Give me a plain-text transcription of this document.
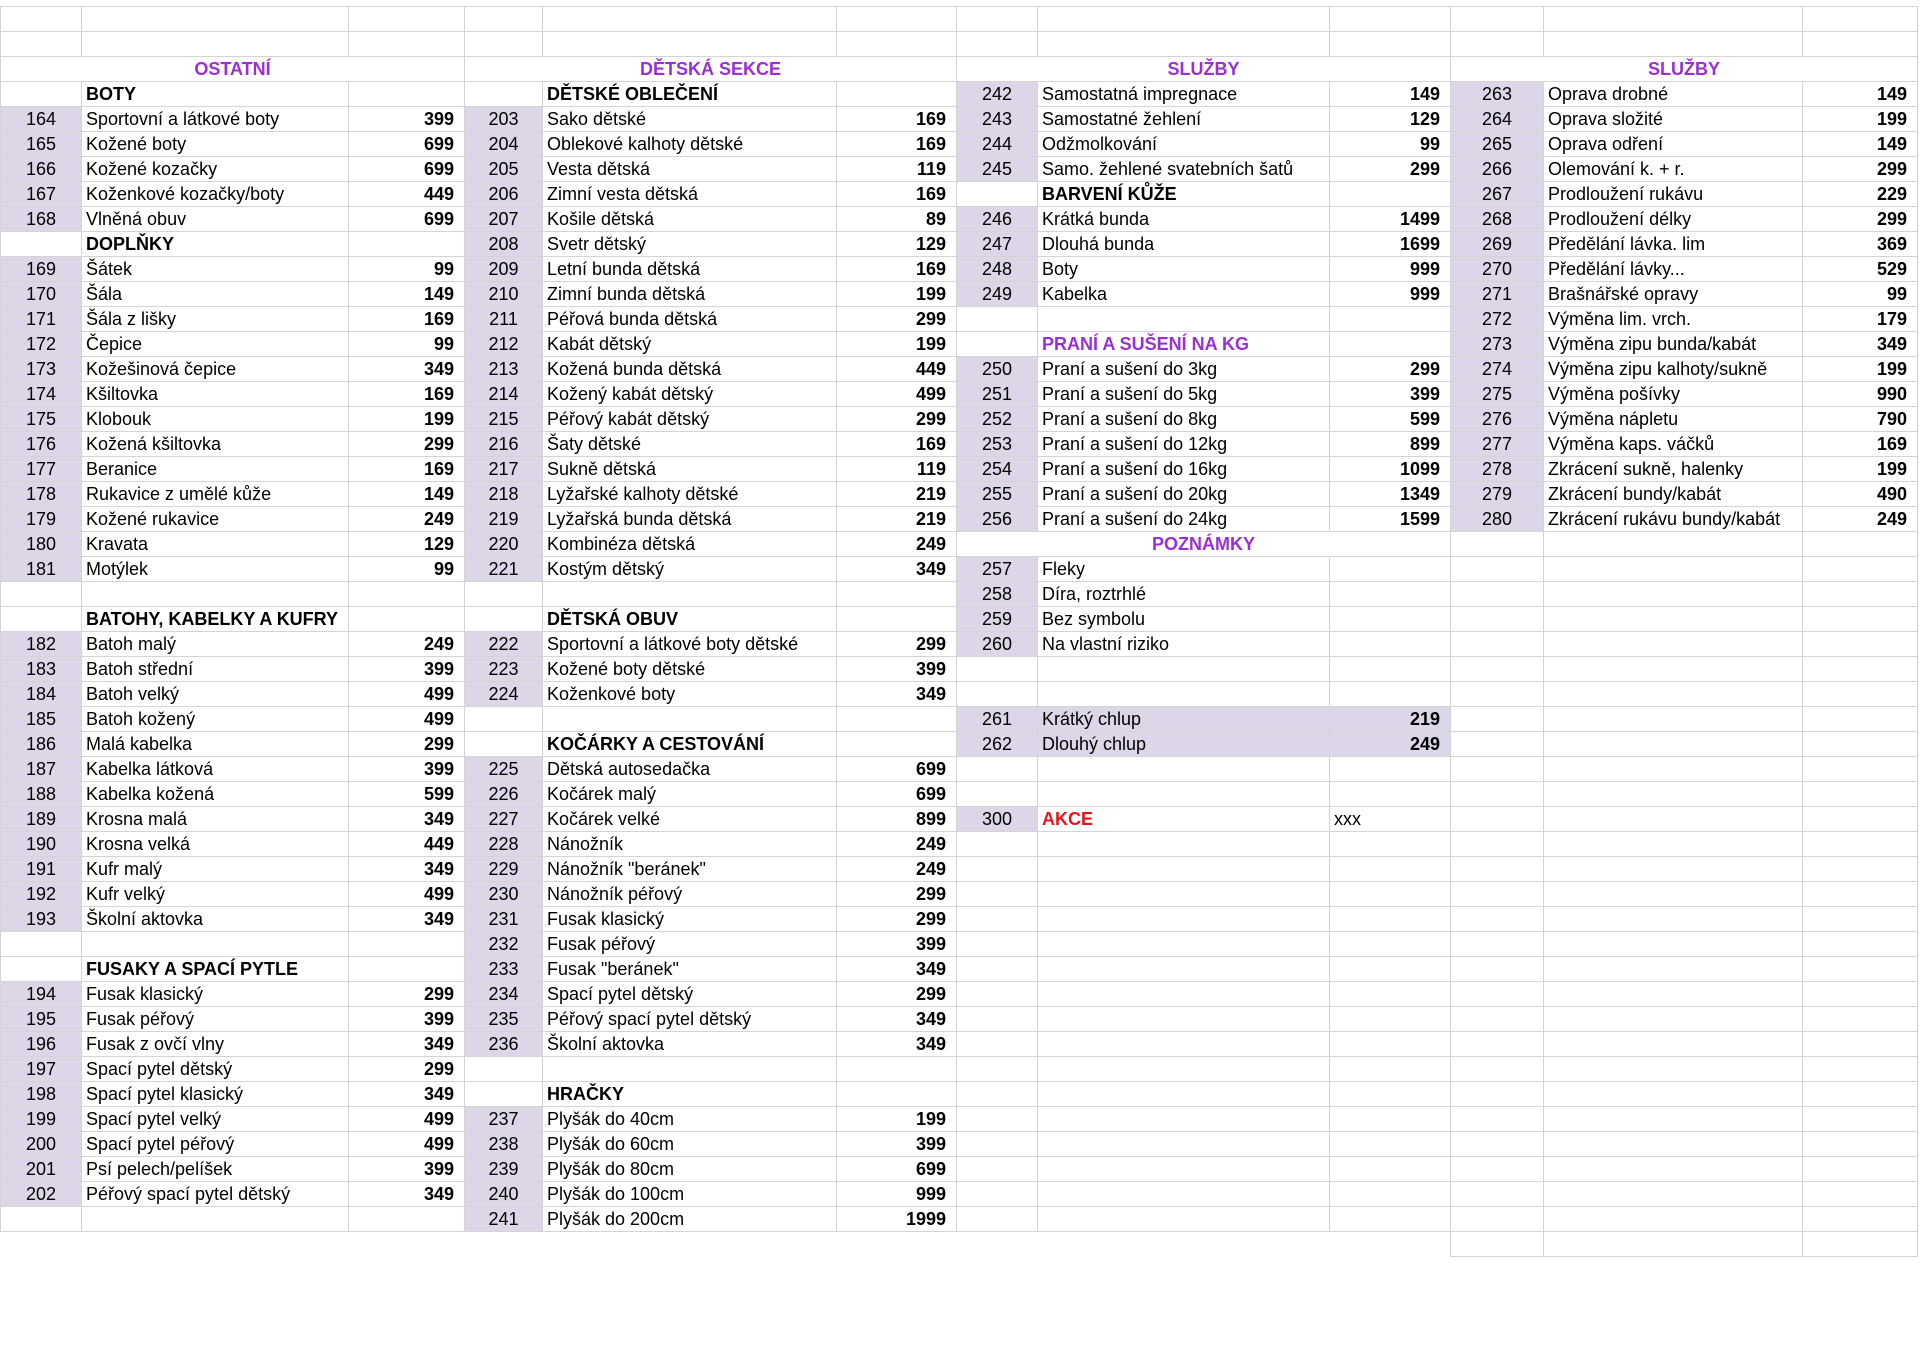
OSTATNÍ
BOTY
164	Sportovní a látkové boty	399
165	Kožené boty	699
166	Kožené kozačky	699
167	Koženkové kozačky/boty	449
168	Vlněná obuv	699
DOPLŇKY
169	Šátek	99
170	Šála	149
171	Šála z lišky	169
172	Čepice	99
173	Kožešinová čepice	349
174	Kšiltovka	169
175	Klobouk	199
176	Kožená kšiltovka	299
177	Beranice	169
178	Rukavice z umělé kůže	149
179	Kožené rukavice	249
180	Kravata	129
181	Motýlek	99
BATOHY, KABELKY A KUFRY
182	Batoh malý	249
183	Batoh střední	399
184	Batoh velký	499
185	Batoh kožený	499
186	Malá kabelka	299
187	Kabelka látková	399
188	Kabelka kožená	599
189	Krosna malá	349
190	Krosna velká	449
191	Kufr malý	349
192	Kufr velký	499
193	Školní aktovka	349
FUSAKY A SPACÍ PYTLE
194	Fusak klasický	299
195	Fusak péřový	399
196	Fusak z ovčí vlny	349
197	Spací pytel dětský	299
198	Spací pytel klasický	349
199	Spací pytel velký	499
200	Spací pytel péřový	499
201	Psí pelech/pelíšek	399
202	Péřový spací pytel dětský	349
DĚTSKÁ SEKCE
DĚTSKÉ OBLEČENÍ
203	Sako dětské	169
204	Oblekové kalhoty dětské	169
205	Vesta dětská	119
206	Zimní vesta dětská	169
207	Košile dětská	89
208	Svetr dětský	129
209	Letní bunda dětská	169
210	Zimní bunda dětská	199
211	Péřová bunda dětská	299
212	Kabát dětský	199
213	Kožená bunda dětská	449
214	Kožený kabát dětský	499
215	Péřový kabát dětský	299
216	Šaty dětské	169
217	Sukně dětská	119
218	Lyžařské kalhoty dětské	219
219	Lyžařská bunda dětská	219
220	Kombinéza dětská	249
221	Kostým dětský	349
DĚTSKÁ OBUV
222	Sportovní a látkové boty dětské	299
223	Kožené boty dětské	399
224	Koženkové boty	349
KOČÁRKY A CESTOVÁNÍ
225	Dětská autosedačka	699
226	Kočárek malý	699
227	Kočárek velké	899
228	Nánožník	249
229	Nánožník "beránek"	249
230	Nánožník péřový	299
231	Fusak klasický	299
232	Fusak péřový	399
233	Fusak "beránek"	349
234	Spací pytel dětský	299
235	Péřový spací pytel dětský	349
236	Školní aktovka	349
HRAČKY
237	Plyšák do 40cm	199
238	Plyšák do 60cm	399
239	Plyšák do 80cm	699
240	Plyšák do 100cm	999
241	Plyšák do 200cm	1999
SLUŽBY
242	Samostatná impregnace	149
243	Samostatné žehlení	129
244	Odžmolkování	99
245	Samo. žehlené svatebních šatů	299
BARVENÍ KŮŽE
246	Krátká bunda	1499
247	Dlouhá bunda	1699
248	Boty	999
249	Kabelka	999
PRANÍ A SUŠENÍ NA KG
250	Praní a sušení do 3kg	299
251	Praní a sušení do 5kg	399
252	Praní a sušení do 8kg	599
253	Praní a sušení do 12kg	899
254	Praní a sušení do 16kg	1099
255	Praní a sušení do 20kg	1349
256	Praní a sušení do 24kg	1599
POZNÁMKY
257	Fleky
258	Díra, roztrhlé
259	Bez symbolu
260	Na vlastní riziko
261	Krátký chlup	219
262	Dlouhý chlup	249
300	AKCE	xxx
SLUŽBY
263	Oprava drobné	149
264	Oprava složité	199
265	Oprava odření	149
266	Olemování k. + r.	299
267	Prodloužení rukávu	229
268	Prodloužení délky	299
269	Předělání lávka. lim	369
270	Předělání lávky...	529
271	Brašnářské opravy	99
272	Výměna lim. vrch.	179
273	Výměna zipu bunda/kabát	349
274	Výměna zipu kalhoty/sukně	199
275	Výměna pošívky	990
276	Výměna nápletu	790
277	Výměna kaps. váčků	169
278	Zkrácení sukně, halenky	199
279	Zkrácení bundy/kabát	490
280	Zkrácení rukávu bundy/kabát	249
